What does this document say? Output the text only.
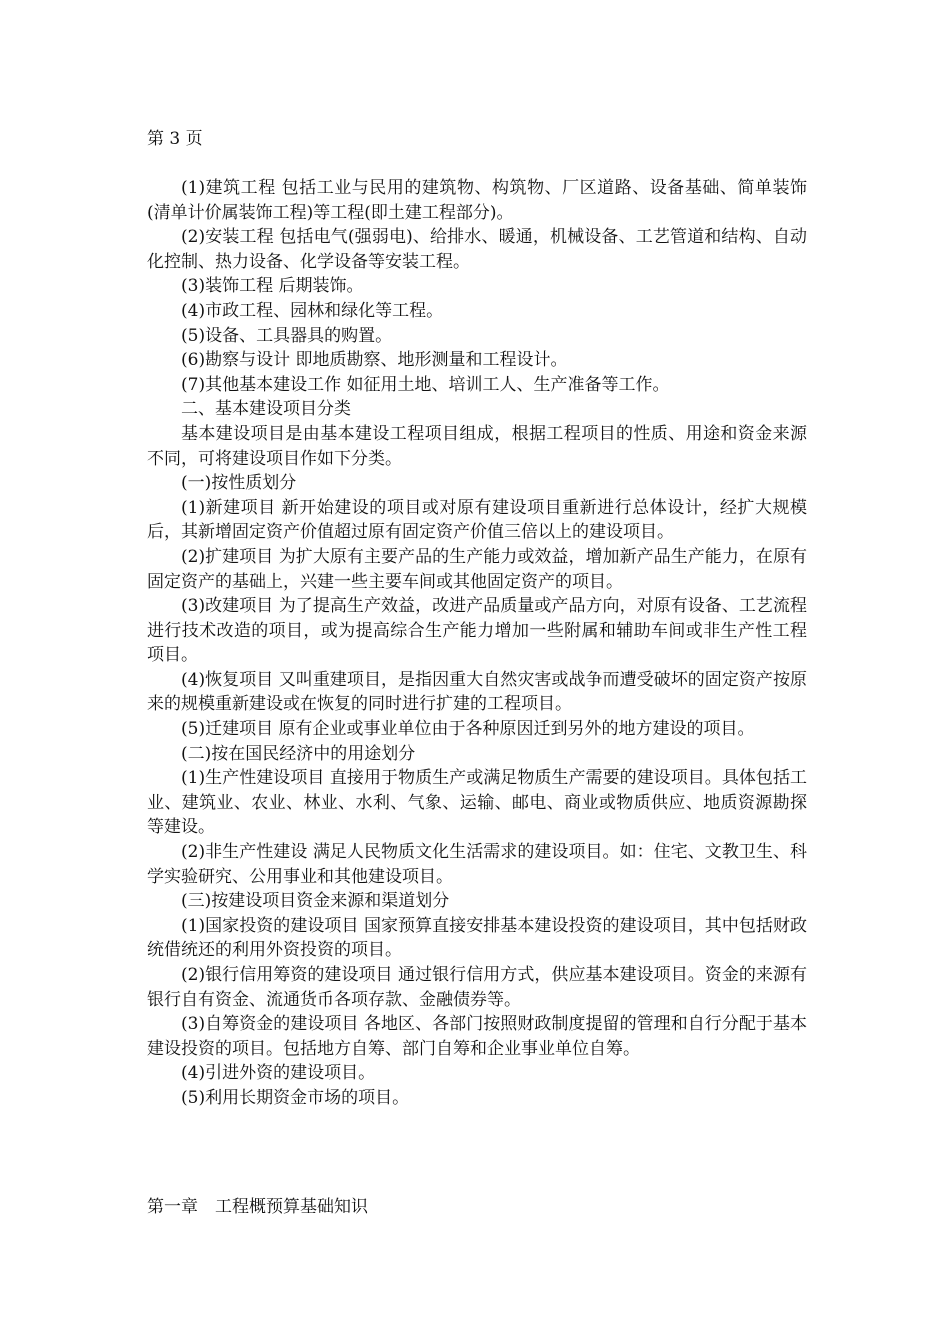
第 3 页

(1)建筑工程 包括工业与民用的建筑物、构筑物、厂区道路、设备基础、简单装饰(清单计价属装饰工程)等工程(即土建工程部分)。

(2)安装工程 包括电气(强弱电)、给排水、暖通，机械设备、工艺管道和结构、自动化控制、热力设备、化学设备等安装工程。

(3)装饰工程 后期装饰。

(4)市政工程、园林和绿化等工程。

(5)设备、工具器具的购置。

(6)勘察与设计 即地质勘察、地形测量和工程设计。

(7)其他基本建设工作 如征用土地、培训工人、生产准备等工作。

二、基本建设项目分类

基本建设项目是由基本建设工程项目组成，根据工程项目的性质、用途和资金来源不同，可将建设项目作如下分类。

(一)按性质划分

(1)新建项目 新开始建设的项目或对原有建设项目重新进行总体设计，经扩大规模后，其新增固定资产价值超过原有固定资产价值三倍以上的建设项目。

(2)扩建项目 为扩大原有主要产品的生产能力或效益，增加新产品生产能力，在原有固定资产的基础上，兴建一些主要车间或其他固定资产的项目。

(3)改建项目 为了提高生产效益，改进产品质量或产品方向，对原有设备、工艺流程进行技术改造的项目，或为提高综合生产能力增加一些附属和辅助车间或非生产性工程项目。

(4)恢复项目 又叫重建项目，是指因重大自然灾害或战争而遭受破坏的固定资产按原来的规模重新建设或在恢复的同时进行扩建的工程项目。

(5)迁建项目 原有企业或事业单位由于各种原因迁到另外的地方建设的项目。

(二)按在国民经济中的用途划分

(1)生产性建设项目 直接用于物质生产或满足物质生产需要的建设项目。具体包括工业、建筑业、农业、林业、水利、气象、运输、邮电、商业或物质供应、地质资源勘探等建设。

(2)非生产性建设 满足人民物质文化生活需求的建设项目。如：住宅、文教卫生、科学实验研究、公用事业和其他建设项目。

(三)按建设项目资金来源和渠道划分

(1)国家投资的建设项目 国家预算直接安排基本建设投资的建设项目，其中包括财政统借统还的利用外资投资的项目。

(2)银行信用筹资的建设项目 通过银行信用方式，供应基本建设项目。资金的来源有银行自有资金、流通货币各项存款、金融债券等。

(3)自筹资金的建设项目 各地区、各部门按照财政制度提留的管理和自行分配于基本建设投资的项目。包括地方自筹、部门自筹和企业事业单位自筹。

(4)引进外资的建设项目。

(5)利用长期资金市场的项目。

第一章　工程概预算基础知识
